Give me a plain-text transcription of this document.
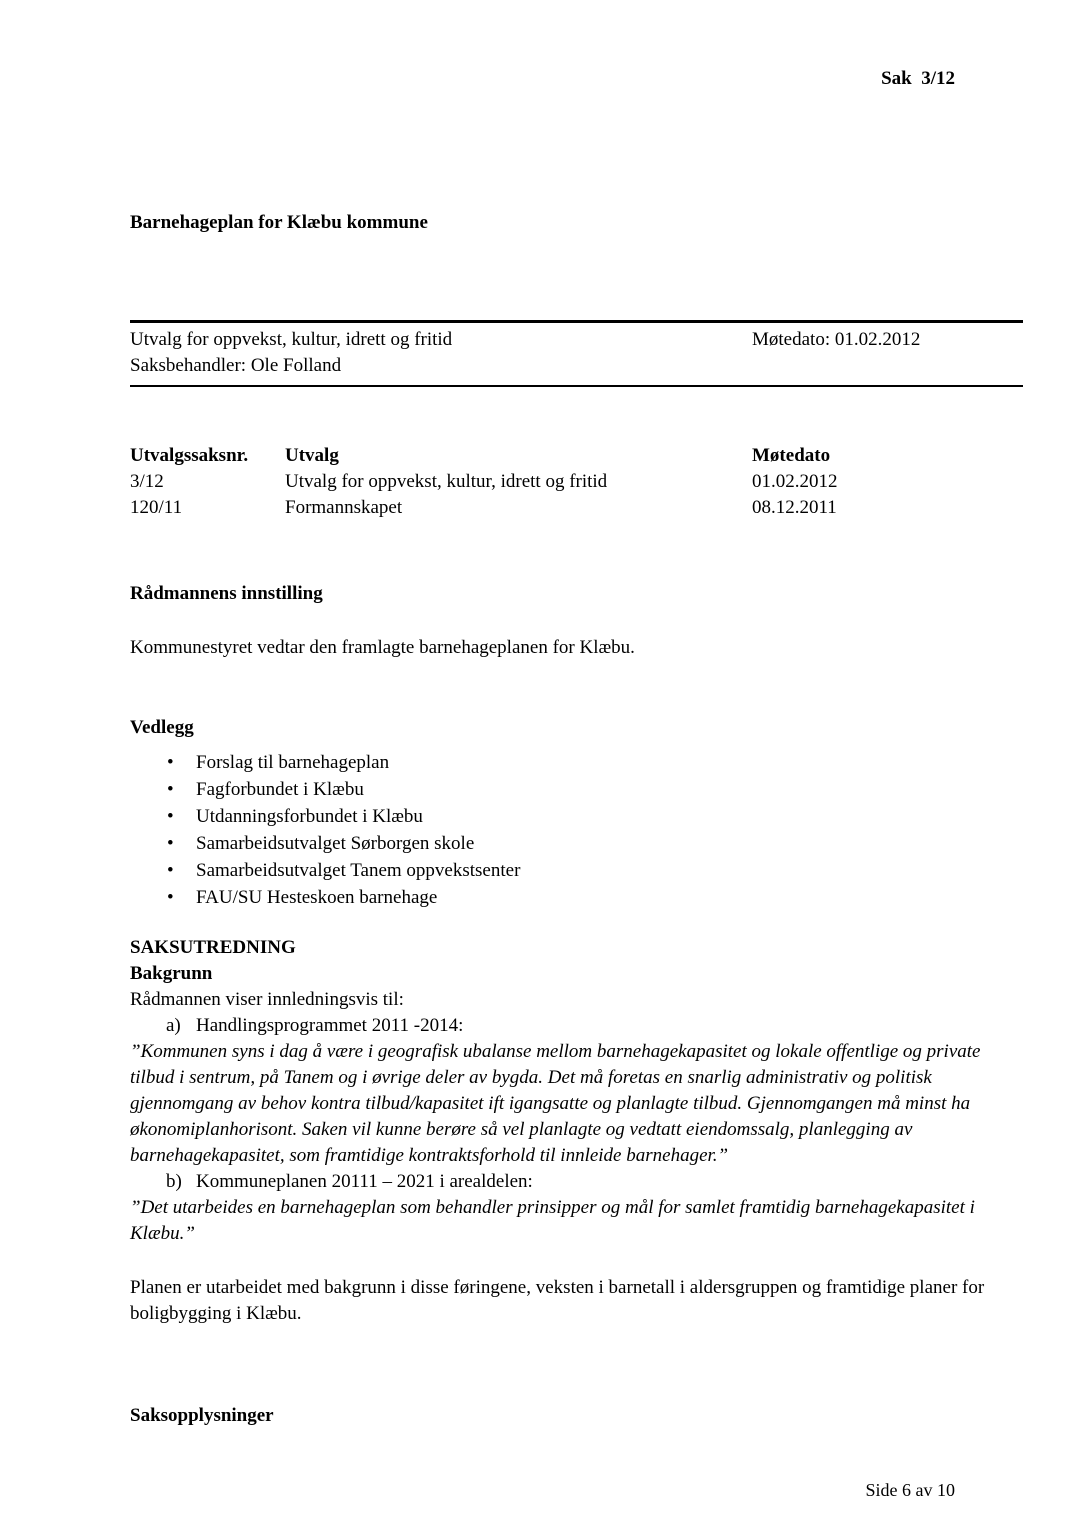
Sak  3/12
Barnehageplan for Klæbu kommune
Utvalg for oppvekst, kultur, idrett og fritid	Møtedato: 01.02.2012
Saksbehandler: Ole Folland
Utvalgssaksnr.	Utvalg	Møtedato
3/12	Utvalg for oppvekst, kultur, idrett og fritid	01.02.2012
120/11	Formannskapet	08.12.2011
Rådmannens innstilling
Kommunestyret vedtar den framlagte barnehageplanen for Klæbu.
Vedlegg
• Forslag til barnehageplan
• Fagforbundet i Klæbu
• Utdanningsforbundet i Klæbu
• Samarbeidsutvalget Sørborgen skole
• Samarbeidsutvalget Tanem oppvekstsenter
• FAU/SU Hesteskoen barnehage
SAKSUTREDNING
Bakgrunn
Rådmannen viser innledningsvis til:
a) Handlingsprogrammet 2011 -2014:
”Kommunen syns i dag å være i geografisk ubalanse mellom barnehagekapasitet og lokale offentlige og private tilbud i sentrum, på Tanem og i øvrige deler av bygda. Det må foretas en snarlig administrativ og politisk gjennomgang av behov kontra tilbud/kapasitet ift igangsatte og planlagte tilbud. Gjennomgangen må minst ha økonomiplanhorisont. Saken vil kunne berøre så vel planlagte og vedtatt eiendomssalg, planlegging av barnehagekapasitet, som framtidige kontraktsforhold til innleide barnehager.”
b) Kommuneplanen 20111 – 2021 i arealdelen:
”Det utarbeides en barnehageplan som behandler prinsipper og mål for samlet framtidig barnehagekapasitet i Klæbu.”
Planen er utarbeidet med bakgrunn i disse føringene, veksten i barnetall i aldersgruppen og framtidige planer for boligbygging i Klæbu.
Saksopplysninger
Side 6 av 10
